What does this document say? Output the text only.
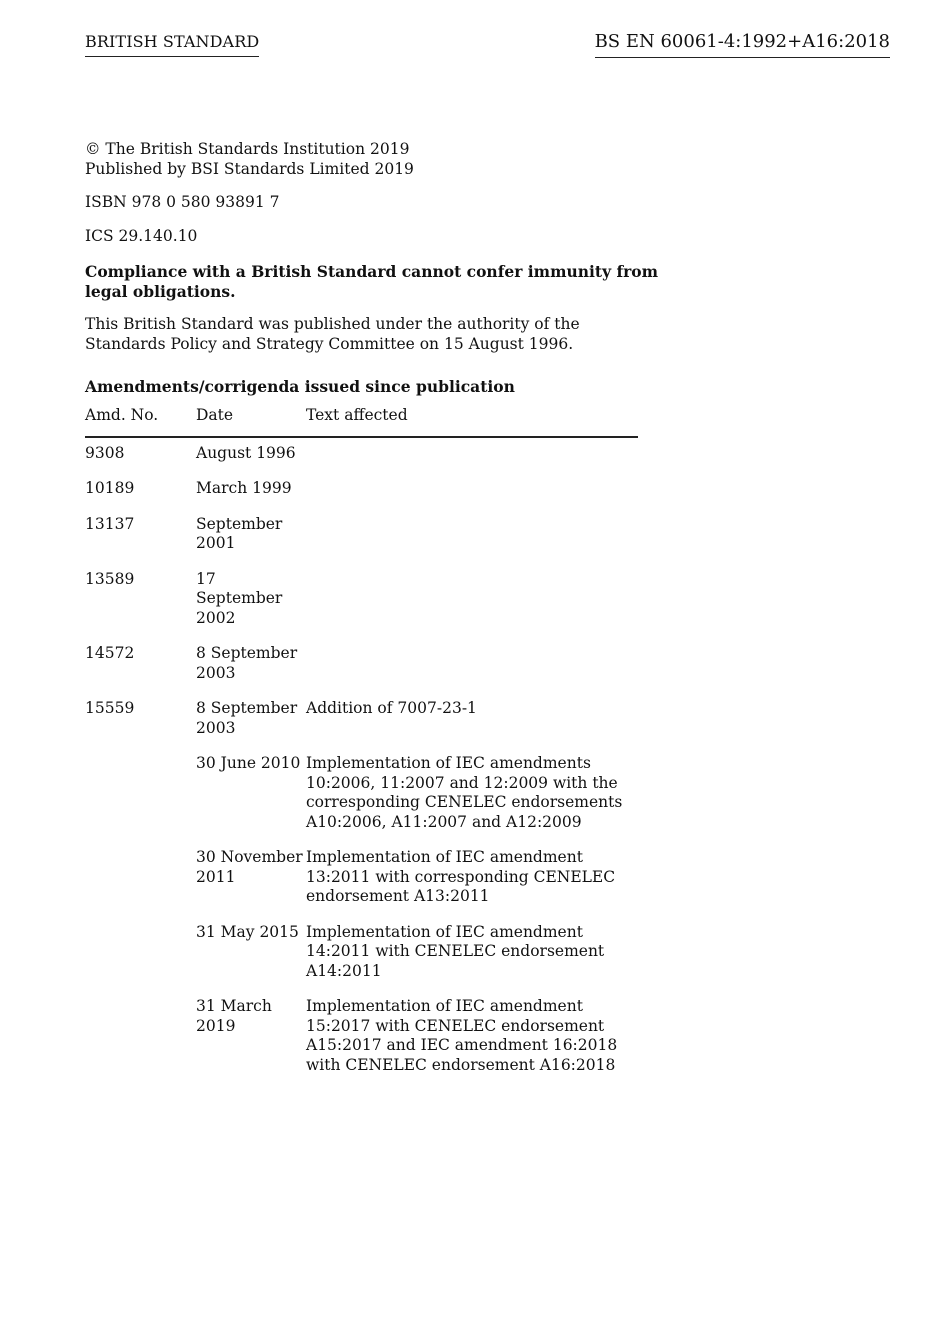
BRITISH STANDARD	BS EN 60061-4:1992+A16:2018
© The British Standards Institution 2019
Published by BSI Standards Limited 2019
ISBN 978 0 580 93891 7
ICS 29.140.10
Compliance with a British Standard cannot confer immunity from
legal obligations.
This British Standard was published under the authority of the
Standards Policy and Strategy Committee on 15 August 1996.
Amendments/corrigenda issued since publication
Amd. No.	Date	Text affected
9308	August 1996	
10189	March 1999	
13137	September 2001	
13589	17 September 2002	
14572	8 September 2003	
15559	8 September 2003	Addition of 7007-23-1
	30 June 2010	Implementation of IEC amendments 10:2006, 11:2007 and 12:2009 with the corresponding CENELEC endorsements A10:2006, A11:2007 and A12:2009
	30 November 2011	Implementation of IEC amendment 13:2011 with corresponding CENELEC endorsement A13:2011
	31 May 2015	Implementation of IEC amendment 14:2011 with CENELEC endorsement A14:2011
	31 March 2019	Implementation of IEC amendment 15:2017 with CENELEC endorsement A15:2017 and IEC amendment 16:2018 with CENELEC endorsement A16:2018
